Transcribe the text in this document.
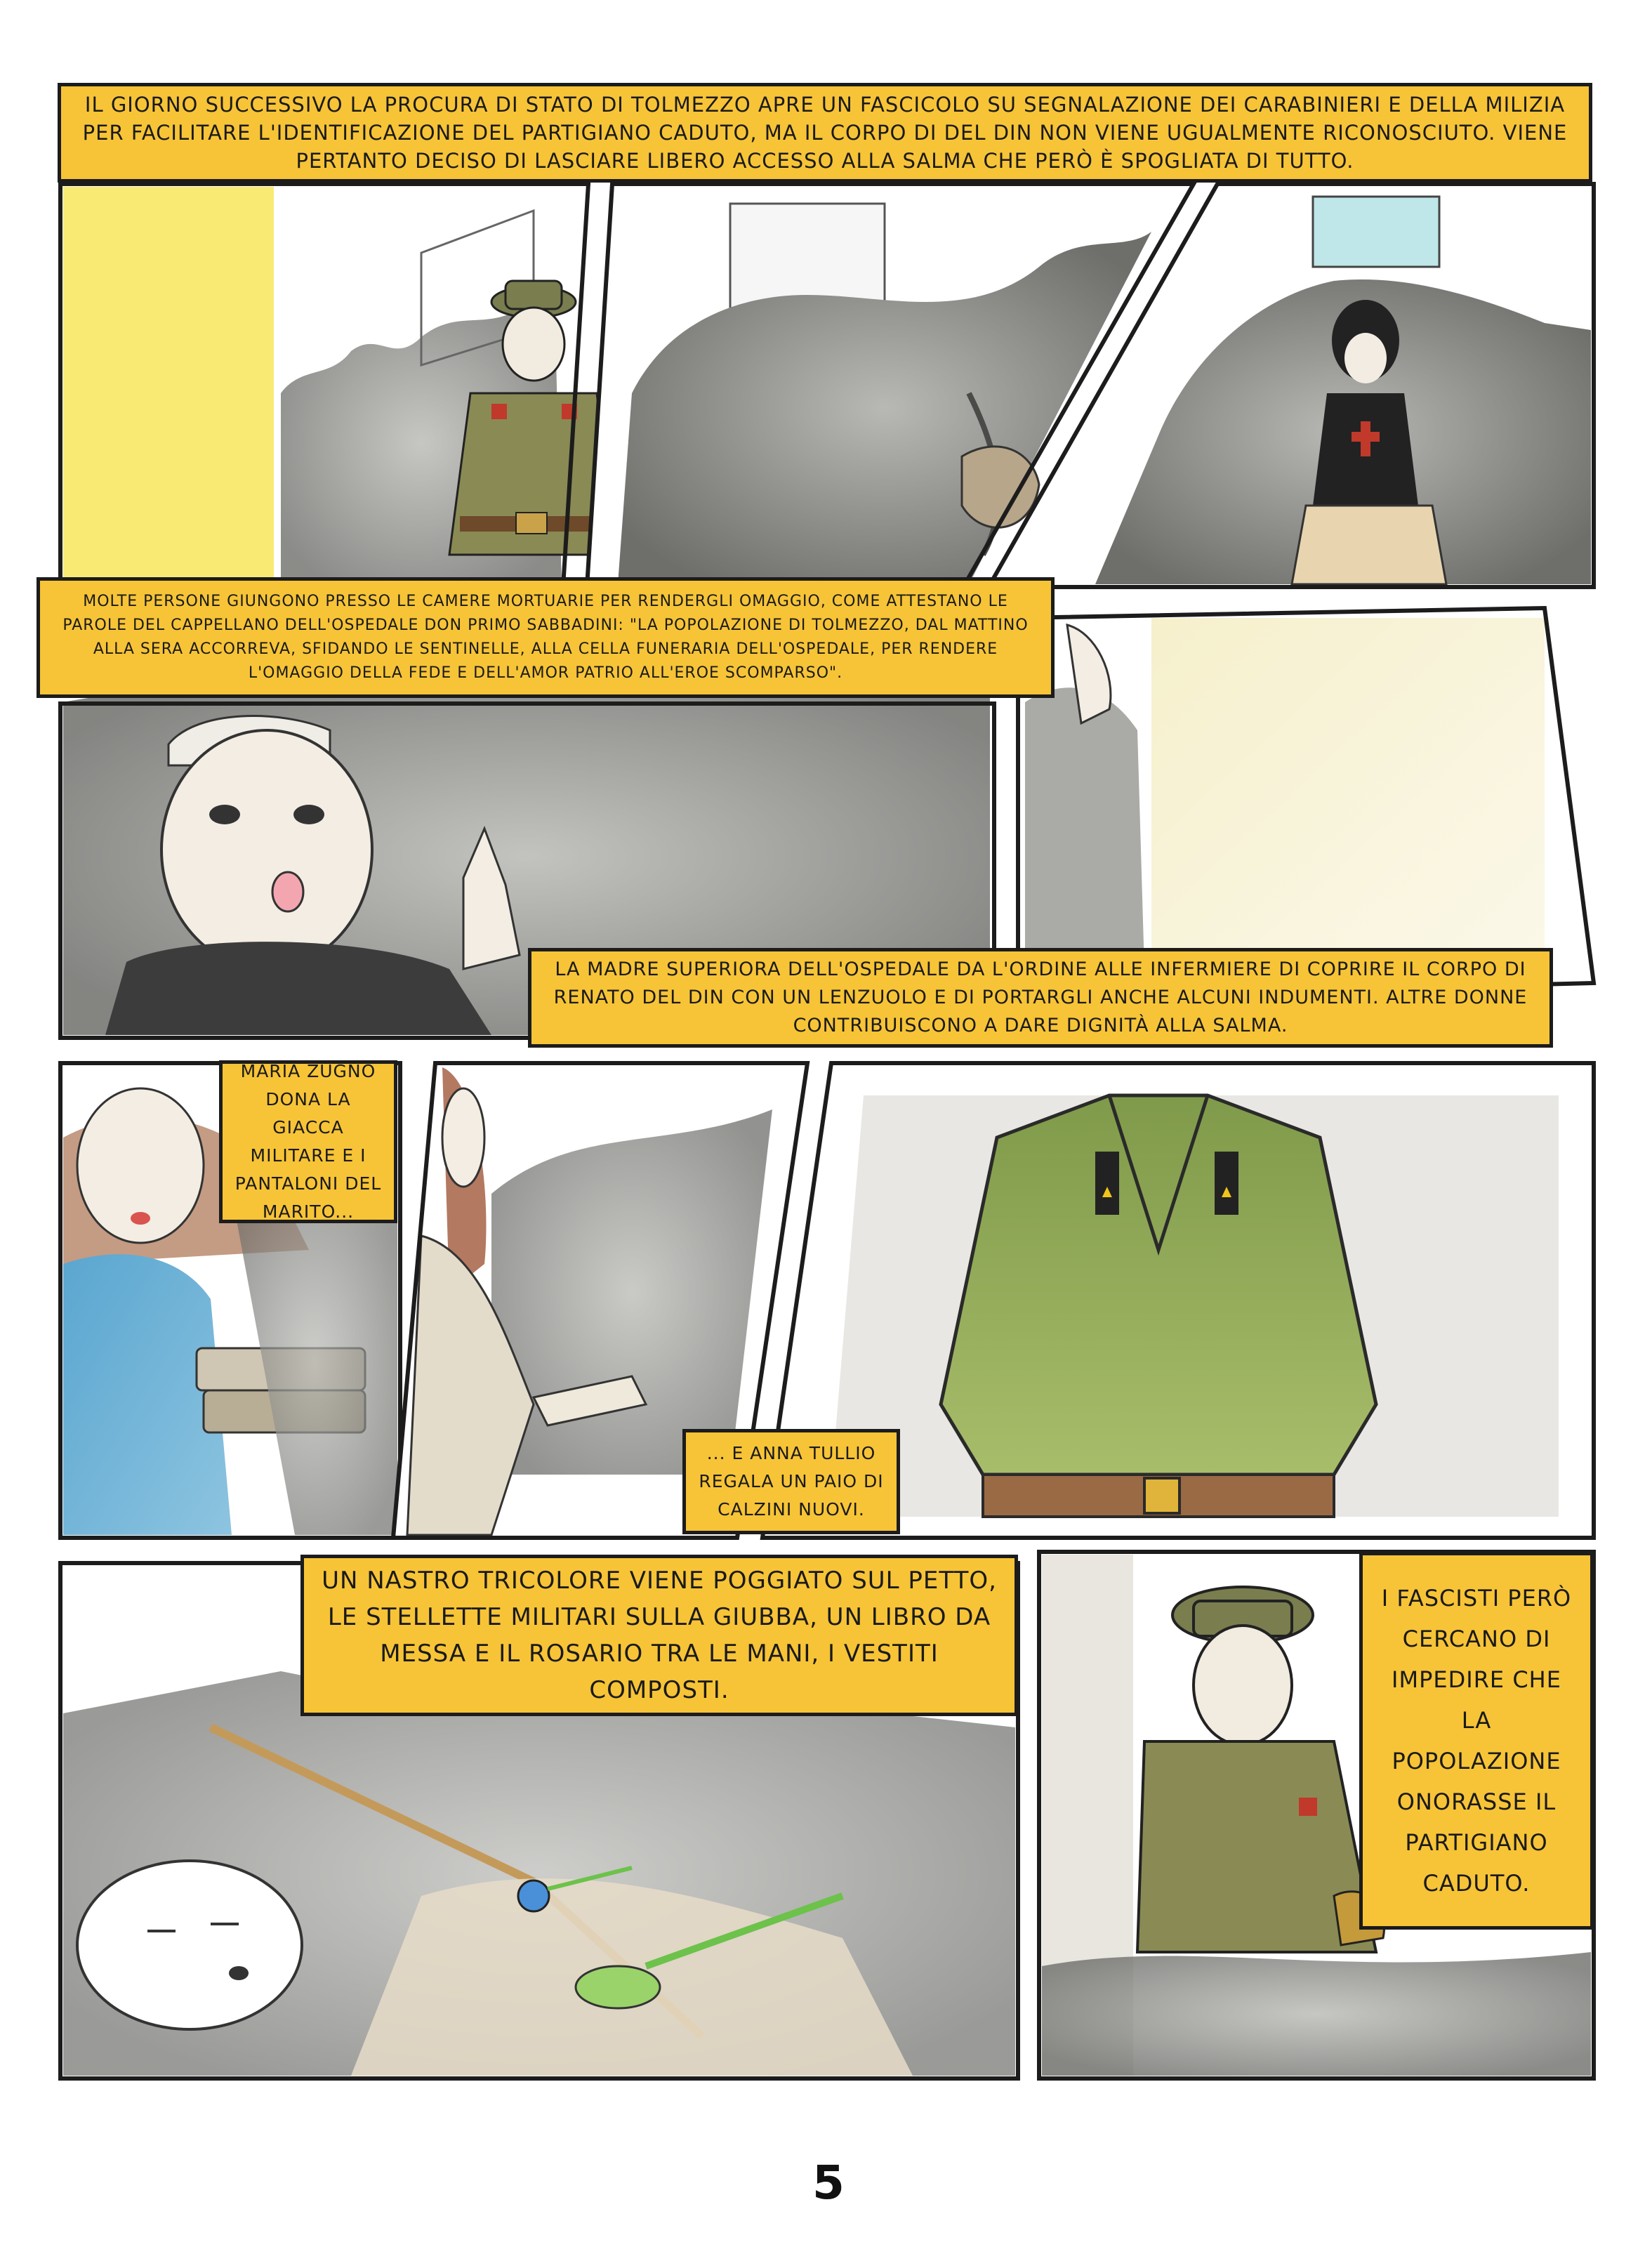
IL GIORNO SUCCESSIVO LA PROCURA DI STATO DI TOLMEZZO APRE UN FASCICOLO SU SEGNALAZIONE DEI CARABINIERI E DELLA MILIZIA PER FACILITARE L'IDENTIFICAZIONE DEL PARTIGIANO CADUTO, MA IL CORPO DI DEL DIN NON VIENE UGUALMENTE RICONOSCIUTO. VIENE PERTANTO DECISO DI LASCIARE LIBERO ACCESSO ALLA SALMA CHE PERÒ È SPOGLIATA DI TUTTO.
MOLTE PERSONE GIUNGONO PRESSO LE CAMERE MORTUARIE PER RENDERGLI OMAGGIO, COME ATTESTANO LE PAROLE DEL CAPPELLANO DELL'OSPEDALE DON PRIMO SABBADINI: "LA POPOLAZIONE DI TOLMEZZO, DAL MATTINO ALLA SERA ACCORREVA, SFIDANDO LE SENTINELLE, ALLA CELLA FUNERARIA DELL'OSPEDALE, PER RENDERE L'OMAGGIO DELLA FEDE E DELL'AMOR PATRIO ALL'EROE SCOMPARSO".
LA MADRE SUPERIORA DELL'OSPEDALE DA L'ORDINE ALLE INFERMIERE DI COPRIRE IL CORPO DI RENATO DEL DIN CON UN LENZUOLO E DI PORTARGLI ANCHE ALCUNI INDUMENTI. ALTRE DONNE CONTRIBUISCONO A DARE DIGNITÀ ALLA SALMA.
MARIA ZUGNO DONA LA GIACCA MILITARE E I PANTALONI DEL MARITO...
... E ANNA TULLIO REGALA UN PAIO DI CALZINI NUOVI.
UN NASTRO TRICOLORE VIENE POGGIATO SUL PETTO, LE STELLETTE MILITARI SULLA GIUBBA, UN LIBRO DA MESSA E IL ROSARIO TRA LE MANI, I VESTITI COMPOSTI.
I FASCISTI PERÒ CERCANO DI IMPEDIRE CHE LA POPOLAZIONE ONORASSE IL PARTIGIANO CADUTO.
5
